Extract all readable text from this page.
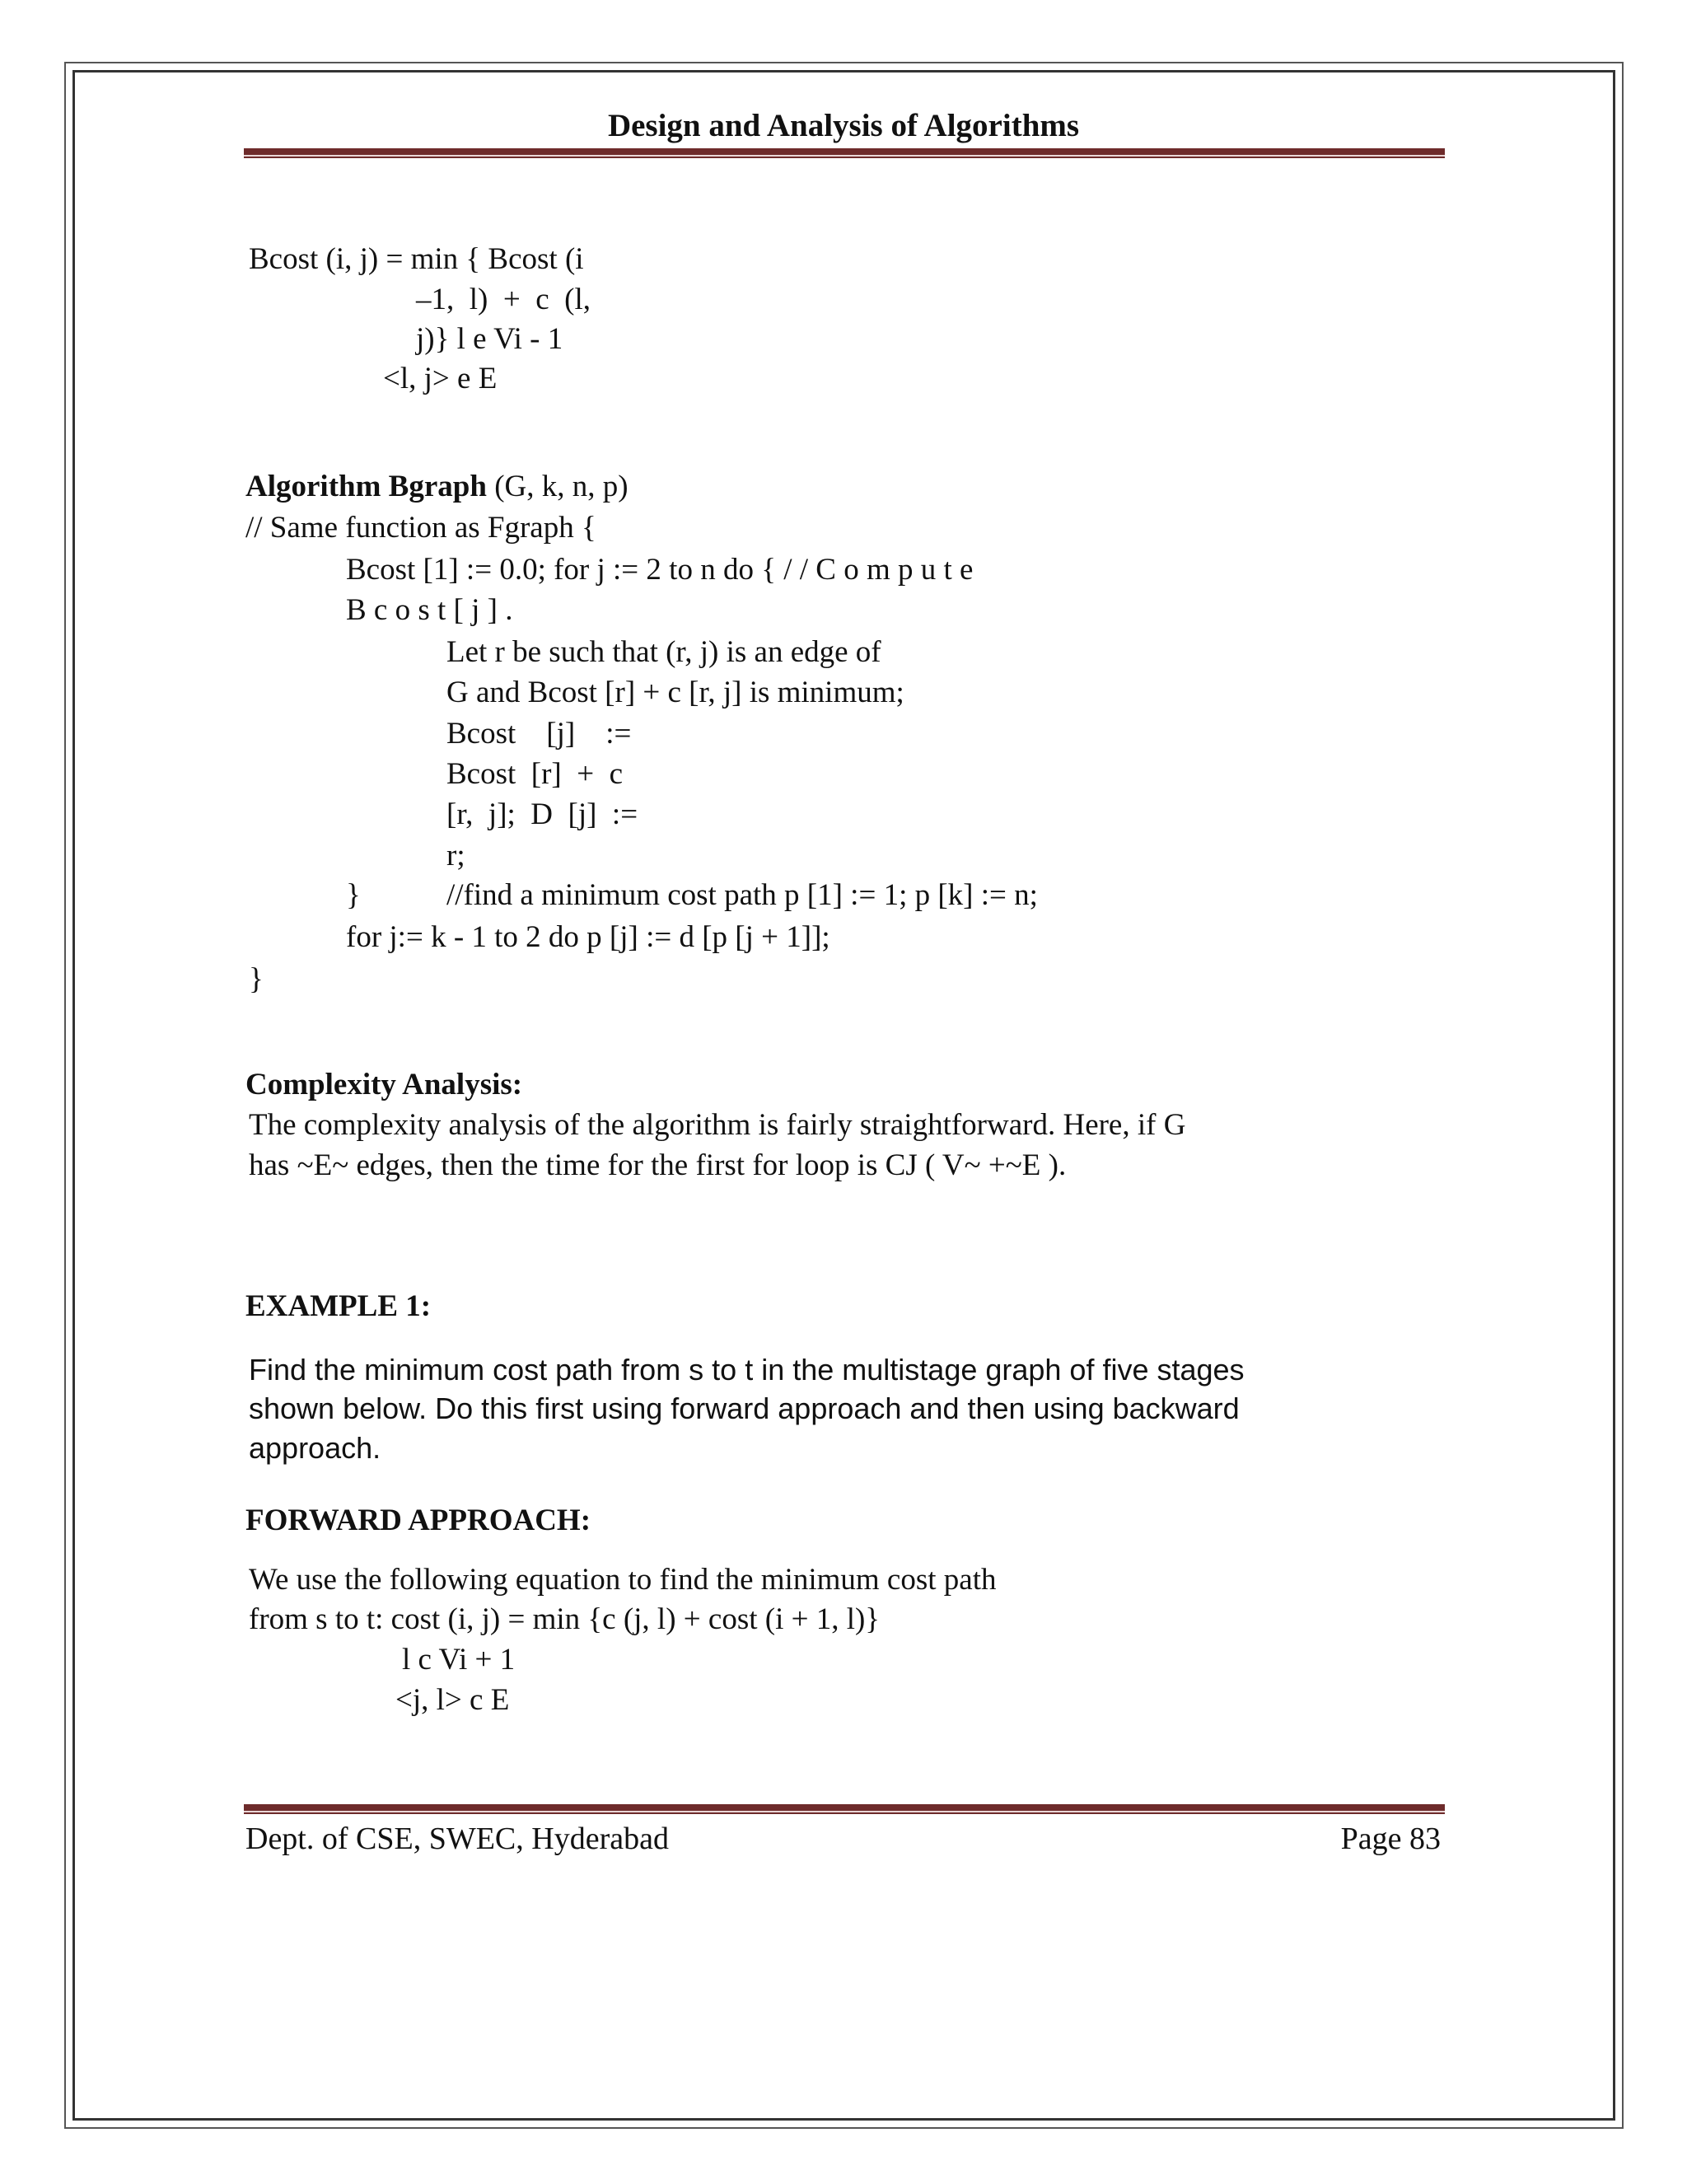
Design and Analysis of Algorithms
Bcost (i, j) = min { Bcost (i
–1,  l)  +  c  (l,
j)} l e Vi - 1
<l, j> e E
Algorithm Bgraph (G, k, n, p)
// Same function as Fgraph {
Bcost [1] := 0.0; for j := 2 to n do { / / C o m p u t e
B c o s t [ j ] .
Let r be such that (r, j) is an edge of
G and Bcost [r] + c [r, j] is minimum;
Bcost    [j]    :=
Bcost  [r]  +  c
[r,  j];  D  [j]  :=
r;
}	//find a minimum cost path p [1] := 1; p [k] := n;
for j:= k - 1 to 2 do p [j] := d [p [j + 1]];
}
Complexity Analysis:
The complexity analysis of the algorithm is fairly straightforward. Here, if G
has ~E~ edges, then the time for the first for loop is CJ ( V~ +~E ).
EXAMPLE 1:
Find the minimum cost path from s to t in the multistage graph of five stages
shown below. Do this first using forward approach and then using backward
approach.
FORWARD APPROACH:
We use the following equation to find the minimum cost path
from s to t: cost (i, j) = min {c (j, l) + cost (i + 1, l)}
l c Vi + 1
<j, l> c E
Dept. of CSE, SWEC, Hyderabad	Page 83
